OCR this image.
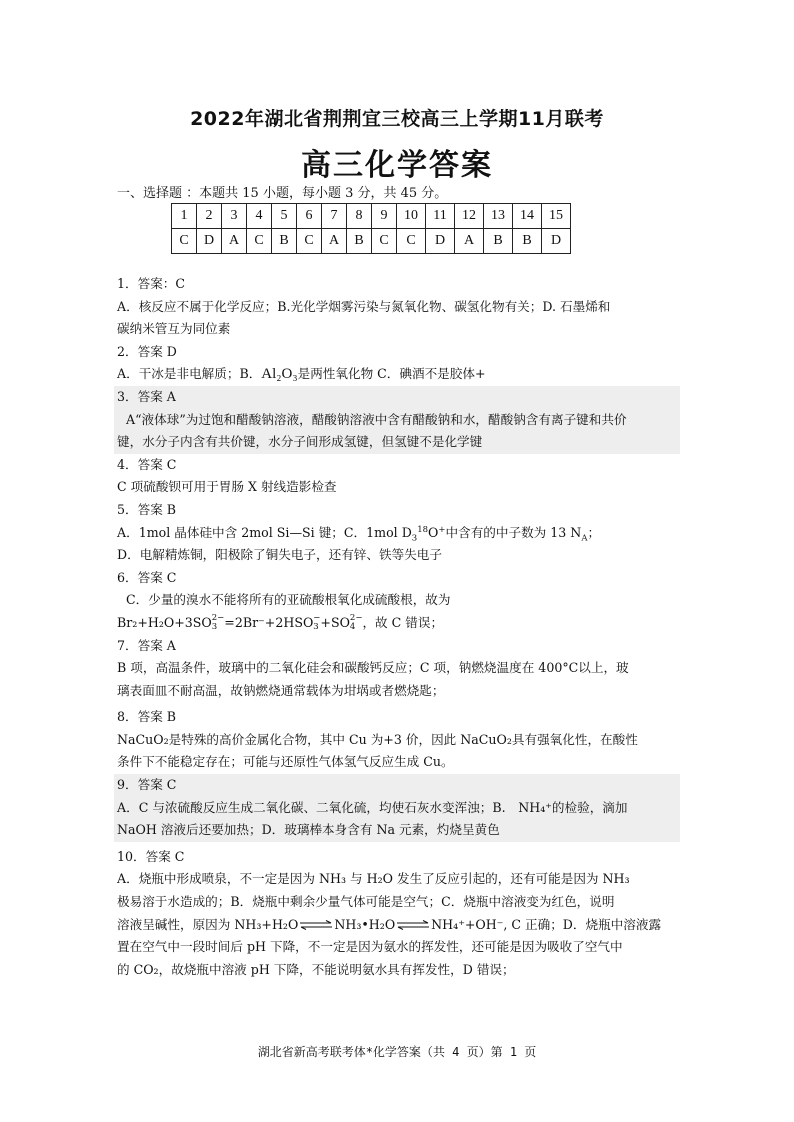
2022年湖北省荆荆宜三校高三上学期11月联考
高三化学答案
一、选择题 ：本题共 15 小题，每小题 3 分，共 45 分。
1	2	3	4	5	6	7	8	9	10	11	12	13	14	15
C	D	A	C	B	C	A	B	C	C	D	A	B	B	D

1．答案：C

A．核反应不属于化学反应；B.光化学烟雾污染与氮氧化物、碳氢化物有关；D. 石墨烯和

碳纳米管互为同位素

2．答案 D

A．干冰是非电解质；B．Al₂O₃是两性氧化物 C．碘酒不是胶体+

3．答案 A

A“液体球”为过饱和醋酸钠溶液，醋酸钠溶液中含有醋酸钠和水，醋酸钠含有离子键和共价

键，水分子内含有共价键，水分子间形成氢键，但氢键不是化学键

4．答案 C

C 项硫酸钡可用于胃肠 X 射线造影检查

5．答案 B

A．1mol 晶体硅中含 2mol Si—Si 键；C．1mol $D_3^{18}O^+$中含有的中子数为 13 $N_A$；

D．电解精炼铜，阳极除了铜失电子，还有锌、铁等失电子

6．答案 C

C．少量的溴水不能将所有的亚硫酸根氧化成硫酸根，故为

Br₂+H₂O+3SO 2−
3 =2Br⁻+2HSO −
3 +SO 2−
4 ，故 C 错误；

7．答案 A

B 项，高温条件，玻璃中的二氧化硅会和碳酸钙反应；C 项，钠燃烧温度在 400°C以上，玻

璃表面皿不耐高温，故钠燃烧通常载体为坩埚或者燃烧匙；

8．答案 B

NaCuO₂是特殊的高价金属化合物，其中 Cu 为+3 价，因此 NaCuO₂具有强氧化性，在酸性

条件下不能稳定存在；可能与还原性气体氢气反应生成 Cu。

9．答案 C

A．C 与浓硫酸反应生成二氧化碳、二氧化硫，均使石灰水变浑浊；B.　NH₄⁺的检验，滴加

NaOH 溶液后还要加热；D．玻璃棒本身含有 Na 元素，灼烧呈黄色

10．答案 C

A．烧瓶中形成喷泉，不一定是因为 NH₃ 与 H₂O 发生了反应引起的，还有可能是因为 NH₃

极易溶于水造成的；B．烧瓶中剩余少量气体可能是空气；C．烧瓶中溶液变为红色，说明

溶液呈碱性，原因为 NH₃+H₂O⇌NH₃•H₂O⇌NH₄⁺+OH⁻, C 正确；D．烧瓶中溶液露

置在空气中一段时间后 pH 下降，不一定是因为氨水的挥发性，还可能是因为吸收了空气中

的 CO₂，故烧瓶中溶液 pH 下降，不能说明氨水具有挥发性，D 错误；

湖北省新高考联考体*化学答案（共 4 页）第 1 页
